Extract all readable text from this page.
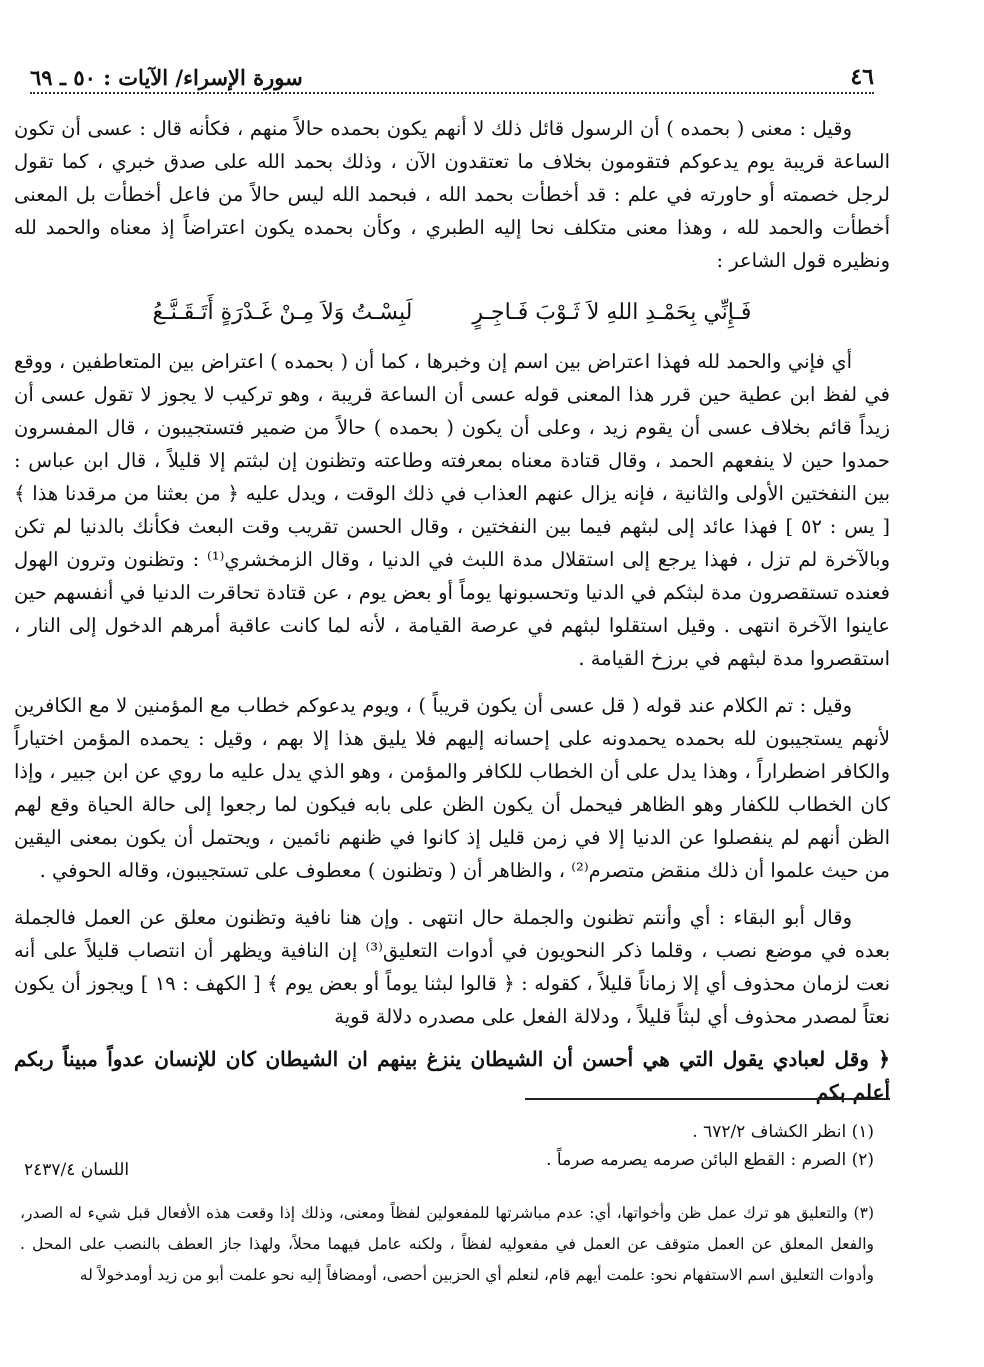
٤٦
سورة الإسراء/ الآيات : ٥٠ ـ ٦٩

وقيل : معنى ( بحمده ) أن الرسول قائل ذلك لا أنهم يكون بحمده حالاً منهم ، فكأنه قال : عسى أن تكون الساعة قريبة يوم يدعوكم فتقومون بخلاف ما تعتقدون الآن ، وذلك بحمد الله على صدق خبري ، كما تقول لرجل خصمته أو حاورته في علم : قد أخطأت بحمد الله ، فبحمد الله ليس حالاً من فاعل أخطأت بل المعنى أخطأت والحمد لله ، وهذا معنى متكلف نحا إليه الطبري ، وكأن بحمده يكون اعتراضاً إذ معناه والحمد لله ونظيره قول الشاعر :

فَـإِنِّي بِحَمْـدِ اللهِ لاَ ثَـوْبَ فَـاجِـرٍ
لَبِسْـتُ وَلاَ مِـنْ غَـدْرَةٍ أَتَـقَـنَّـعُ

أي فإني والحمد لله فهذا اعتراض بين اسم إن وخبرها ، كما أن ( بحمده ) اعتراض بين المتعاطفين ، ووقع في لفظ ابن عطية حين قرر هذا المعنى قوله عسى أن الساعة قريبة ، وهو تركيب لا يجوز لا تقول عسى أن زيداً قائم بخلاف عسى أن يقوم زيد ، وعلى أن يكون ( بحمده ) حالاً من ضمير فتستجيبون ، قال المفسرون حمدوا حين لا ينفعهم الحمد ، وقال قتادة معناه بمعرفته وطاعته وتظنون إن لبثتم إلا قليلاً ، قال ابن عباس : بين النفختين الأولى والثانية ، فإنه يزال عنهم العذاب في ذلك الوقت ، ويدل عليه ﴿ من بعثنا من مرقدنا هذا ﴾ [ يس : ٥٢ ] فهذا عائد إلى لبثهم فيما بين النفختين ، وقال الحسن تقريب وقت البعث فكأنك بالدنيا لم تكن وبالآخرة لم تزل ، فهذا يرجع إلى استقلال مدة اللبث في الدنيا ، وقال الزمخشري⁽¹⁾ : وتظنون وترون الهول فعنده تستقصرون مدة لبثكم في الدنيا وتحسبونها يوماً أو بعض يوم ، عن قتادة تحاقرت الدنيا في أنفسهم حين عاينوا الآخرة انتهى . وقيل استقلوا لبثهم في عرصة القيامة ، لأنه لما كانت عاقبة أمرهم الدخول إلى النار ، استقصروا مدة لبثهم في برزخ القيامة .

وقيل : تم الكلام عند قوله ( قل عسى أن يكون قريباً ) ، ويوم يدعوكم خطاب مع المؤمنين لا مع الكافرين لأنهم يستجيبون لله بحمده يحمدونه على إحسانه إليهم فلا يليق هذا إلا بهم ، وقيل : يحمده المؤمن اختياراً والكافر اضطراراً ، وهذا يدل على أن الخطاب للكافر والمؤمن ، وهو الذي يدل عليه ما روي عن ابن جبير ، وإذا كان الخطاب للكفار وهو الظاهر فيحمل أن يكون الظن على بابه فيكون لما رجعوا إلى حالة الحياة وقع لهم الظن أنهم لم ينفصلوا عن الدنيا إلا في زمن قليل إذ كانوا في ظنهم نائمين ، ويحتمل أن يكون بمعنى اليقين من حيث علموا أن ذلك منقض متصرم⁽²⁾ ، والظاهر أن ( وتظنون ) معطوف على تستجيبون، وقاله الحوفي .

وقال أبو البقاء : أي وأنتم تظنون والجملة حال انتهى . وإن هنا نافية وتظنون معلق عن العمل فالجملة بعده في موضع نصب ، وقلما ذكر النحويون في أدوات التعليق⁽³⁾ إن النافية ويظهر أن انتصاب قليلاً على أنه نعت لزمان محذوف أي إلا زماناً قليلاً ، كقوله : ﴿ قالوا لبثنا يوماً أو بعض يوم ﴾ [ الكهف : ١٩ ] ويجوز أن يكون نعتاً لمصدر محذوف أي لبثاً قليلاً ، ودلالة الفعل على مصدره دلالة قوية

﴿ وقل لعبادي يقول التي هي أحسن أن الشيطان ينزغ بينهم ان الشيطان كان للإنسان عدواً مبيناً ربكم أعلم بكم

(١) انظر الكشاف ٦٧٢/٢ .
(٢) الصرم : القطع البائن صرمه يصرمه صرماً .
اللسان ٢٤٣٧/٤
(٣) والتعليق هو ترك عمل ظن وأخواتها، أي: عدم مباشرتها للمفعولين لفظاً ومعنى، وذلك إذا وقعت هذه الأفعال قبل شيء له الصدر، والفعل المعلق عن العمل متوقف عن العمل في مفعوليه لفظاً ، ولكنه عامل فيهما محلاً، ولهذا جاز العطف بالنصب على المحل . وأدوات التعليق اسم الاستفهام نحو: علمت أيهم قام، لنعلم أي الحزبين أحصى، أومضافاً إليه نحو علمت أبو من زيد أومدخولاً له
